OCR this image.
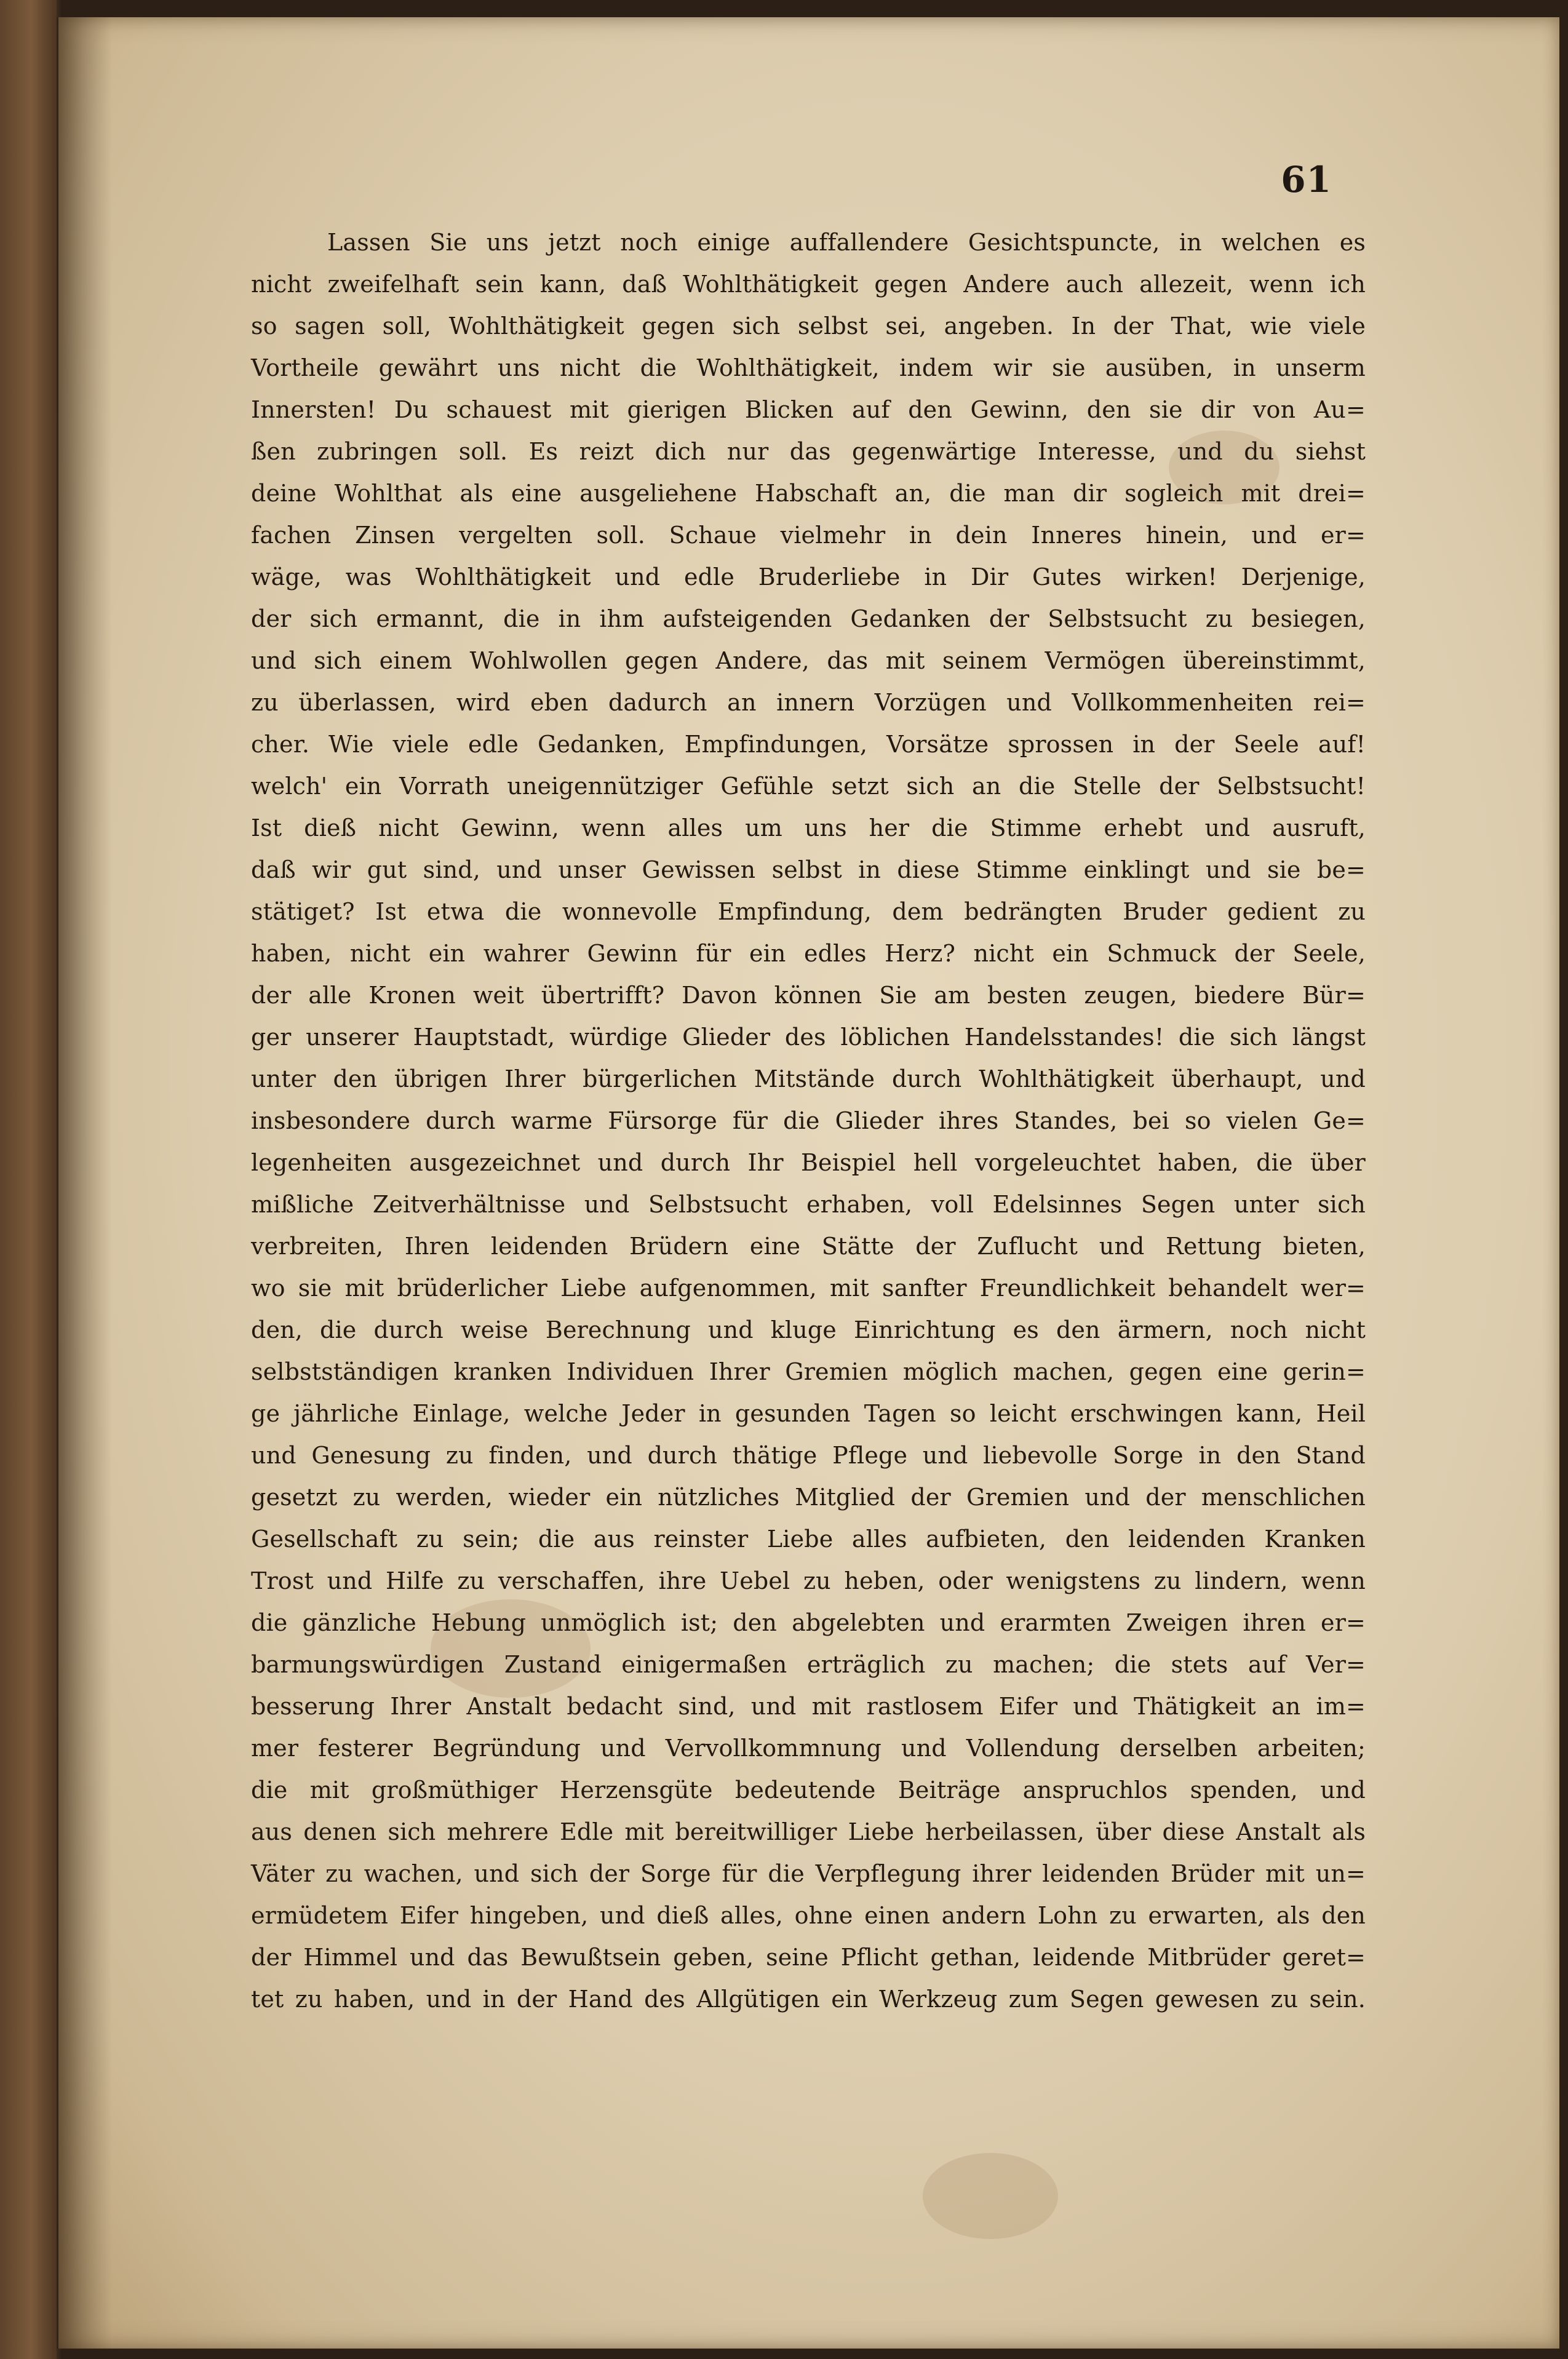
61
Lassen Sie uns jetzt noch einige auffallendere Gesichtspuncte, in welchen es
nicht zweifelhaft sein kann, daß Wohlthätigkeit gegen Andere auch allezeit, wenn ich
so sagen soll, Wohlthätigkeit gegen sich selbst sei, angeben. In der That, wie viele
Vortheile gewährt uns nicht die Wohlthätigkeit, indem wir sie ausüben, in unserm
Innersten! Du schauest mit gierigen Blicken auf den Gewinn, den sie dir von Au=
ßen zubringen soll. Es reizt dich nur das gegenwärtige Interesse, und du siehst
deine Wohlthat als eine ausgeliehene Habschaft an, die man dir sogleich mit drei=
fachen Zinsen vergelten soll. Schaue vielmehr in dein Inneres hinein, und er=
wäge, was Wohlthätigkeit und edle Bruderliebe in Dir Gutes wirken! Derjenige,
der sich ermannt, die in ihm aufsteigenden Gedanken der Selbstsucht zu besiegen,
und sich einem Wohlwollen gegen Andere, das mit seinem Vermögen übereinstimmt,
zu überlassen, wird eben dadurch an innern Vorzügen und Vollkommenheiten rei=
cher. Wie viele edle Gedanken, Empfindungen, Vorsätze sprossen in der Seele auf!
welch' ein Vorrath uneigennütziger Gefühle setzt sich an die Stelle der Selbstsucht!
Ist dieß nicht Gewinn, wenn alles um uns her die Stimme erhebt und ausruft,
daß wir gut sind, und unser Gewissen selbst in diese Stimme einklingt und sie be=
stätiget? Ist etwa die wonnevolle Empfindung, dem bedrängten Bruder gedient zu
haben, nicht ein wahrer Gewinn für ein edles Herz? nicht ein Schmuck der Seele,
der alle Kronen weit übertrifft? Davon können Sie am besten zeugen, biedere Bür=
ger unserer Hauptstadt, würdige Glieder des löblichen Handelsstandes! die sich längst
unter den übrigen Ihrer bürgerlichen Mitstände durch Wohlthätigkeit überhaupt, und
insbesondere durch warme Fürsorge für die Glieder ihres Standes, bei so vielen Ge=
legenheiten ausgezeichnet und durch Ihr Beispiel hell vorgeleuchtet haben, die über
mißliche Zeitverhältnisse und Selbstsucht erhaben, voll Edelsinnes Segen unter sich
verbreiten, Ihren leidenden Brüdern eine Stätte der Zuflucht und Rettung bieten,
wo sie mit brüderlicher Liebe aufgenommen, mit sanfter Freundlichkeit behandelt wer=
den, die durch weise Berechnung und kluge Einrichtung es den ärmern, noch nicht
selbstständigen kranken Individuen Ihrer Gremien möglich machen, gegen eine gerin=
ge jährliche Einlage, welche Jeder in gesunden Tagen so leicht erschwingen kann, Heil
und Genesung zu finden, und durch thätige Pflege und liebevolle Sorge in den Stand
gesetzt zu werden, wieder ein nützliches Mitglied der Gremien und der menschlichen
Gesellschaft zu sein; die aus reinster Liebe alles aufbieten, den leidenden Kranken
Trost und Hilfe zu verschaffen, ihre Uebel zu heben, oder wenigstens zu lindern, wenn
die gänzliche Hebung unmöglich ist; den abgelebten und erarmten Zweigen ihren er=
barmungswürdigen Zustand einigermaßen erträglich zu machen; die stets auf Ver=
besserung Ihrer Anstalt bedacht sind, und mit rastlosem Eifer und Thätigkeit an im=
mer festerer Begründung und Vervollkommnung und Vollendung derselben arbeiten;
die mit großmüthiger Herzensgüte bedeutende Beiträge anspruchlos spenden, und
aus denen sich mehrere Edle mit bereitwilliger Liebe herbeilassen, über diese Anstalt als
Väter zu wachen, und sich der Sorge für die Verpflegung ihrer leidenden Brüder mit un=
ermüdetem Eifer hingeben, und dieß alles, ohne einen andern Lohn zu erwarten, als den
der Himmel und das Bewußtsein geben, seine Pflicht gethan, leidende Mitbrüder geret=
tet zu haben, und in der Hand des Allgütigen ein Werkzeug zum Segen gewesen zu sein.
